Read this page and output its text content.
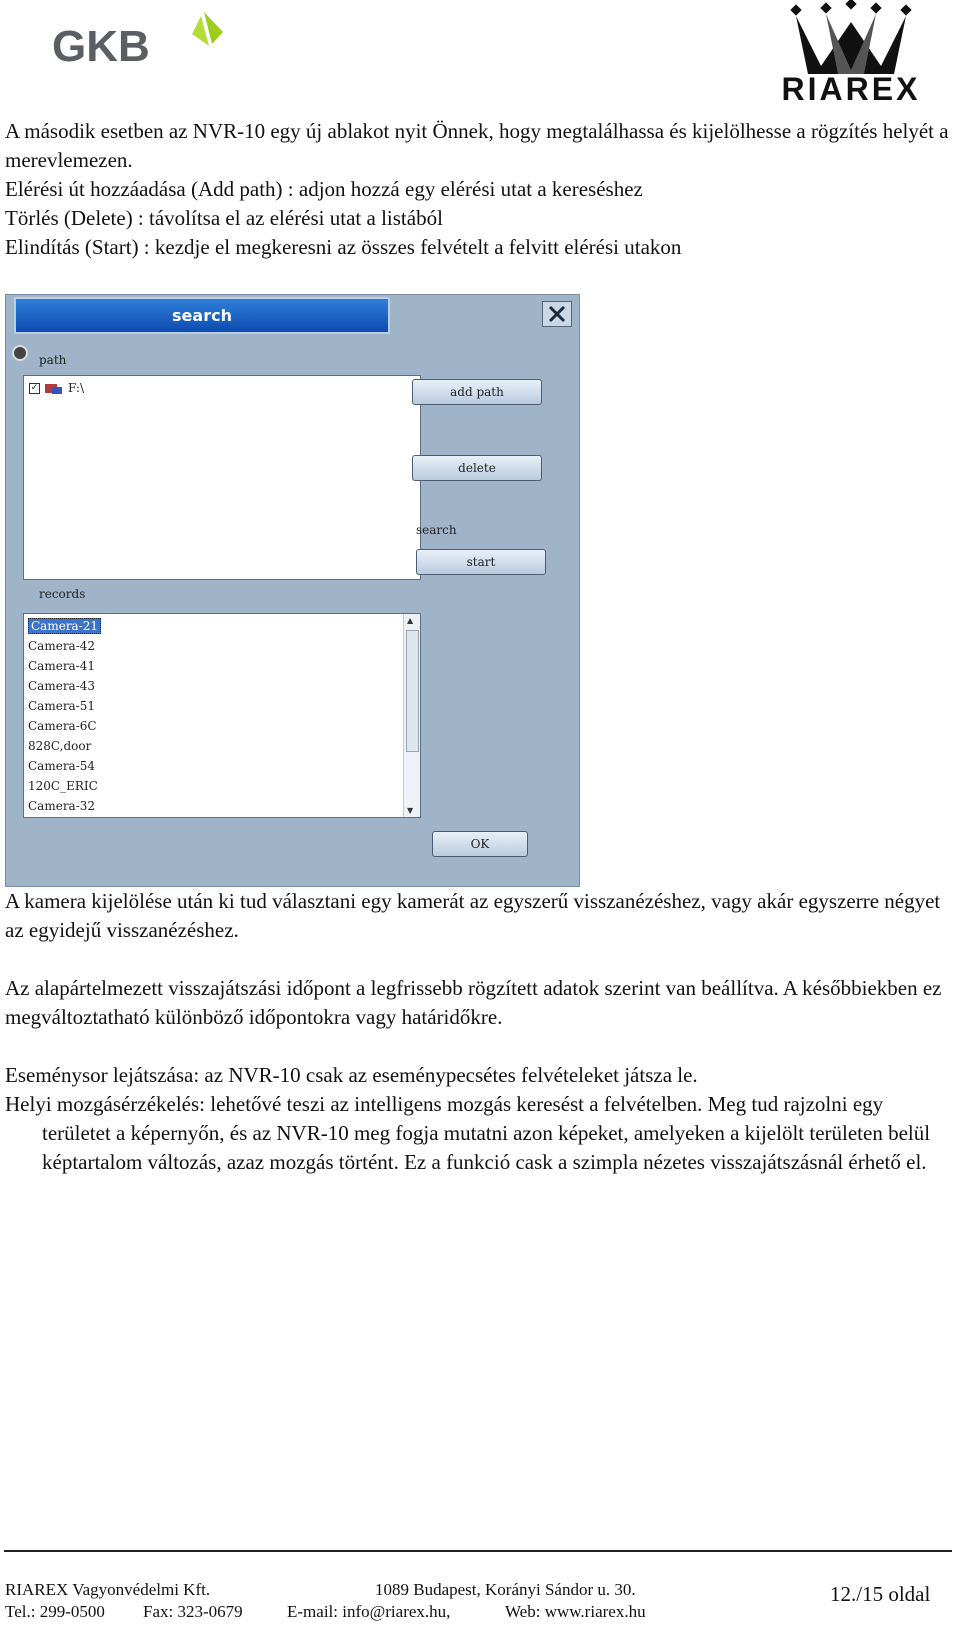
GKB
RIAREX

A második esetben az NVR-10 egy új ablakot nyit Önnek, hogy megtalálhassa és kijelölhesse a rögzítés helyét a merevlemezen.

Elérési út hozzáadása (Add path) : adjon hozzá egy elérési utat a kereséshez

Törlés (Delete) : távolítsa el az elérési utat a listából

Elindítás (Start) : kezdje el megkeresni az összes felvételt a felvitt elérési utakon

search
path
✓ F:\	add path
delete
search
start
records
Camera-21
Camera-42
Camera-41
Camera-43
Camera-51
Camera-6C
828C,door
Camera-54
120C_ERIC
Camera-32
▲
▼
OK

A kamera kijelölése után ki tud választani egy kamerát az egyszerű visszanézéshez, vagy akár egyszerre négyet az egyidejű visszanézéshez.

Az alapártelmezett visszajátszási időpont a legfrissebb rögzített adatok szerint van beállítva. A későbbiekben ez megváltoztatható különböző időpontokra vagy határidőkre.

Eseménysor lejátszása: az NVR-10 csak az eseménypecsétes felvételeket játsza le.

Helyi mozgásérzékelés: lehetővé teszi az intelligens mozgás keresést a felvételben. Meg tud rajzolni egy területet a képernyőn, és az NVR-10 meg fogja mutatni azon képeket, amelyeken a kijelölt területen belül képtartalom változás, azaz mozgás történt. Ez a funkció cask a szimpla nézetes visszajátszásnál érhető el.

RIAREX Vagyonvédelmi Kft.	1089 Budapest, Korányi Sándor u. 30.	12./15 oldal
Tel.: 299-0500 Fax: 323-0679	E-mail: info@riarex.hu,	Web: www.riarex.hu
